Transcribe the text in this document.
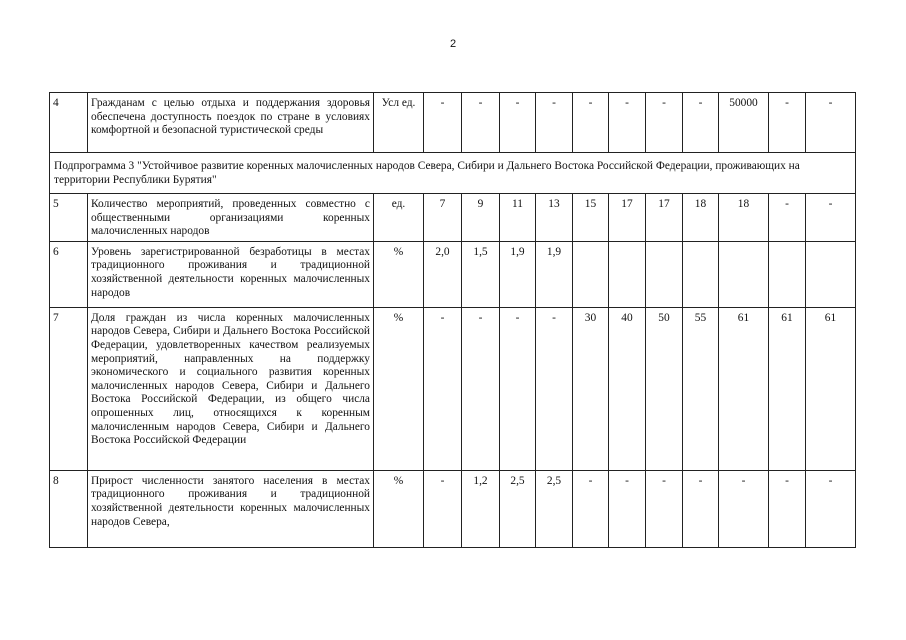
2
4	Гражданам с целью отдыха и поддержания здоровья обеспечена доступность поездок по стране в условиях комфортной и безопасной туристической среды	Усл ед.	-	-	-	-	-	-	-	-	50000	-	-
Подпрограмма 3 "Устойчивое развитие коренных малочисленных народов Севера, Сибири и Дальнего Востока Российской Федерации, проживающих на территории Республики Бурятия"													
5	Количество мероприятий, проведенных совместно с общественными организациями коренных малочисленных народов	ед.	7	9	11	13	15	17	17	18	18	-	-
6	Уровень зарегистрированной безработицы в местах традиционного проживания и традиционной хозяйственной деятельности коренных малочисленных народов	%	2,0	1,5	1,9	1,9							
7	Доля граждан из числа коренных малочисленных народов Севера, Сибири и Дальнего Востока Российской Федерации, удовлетворенных качеством реализуемых мероприятий, направленных на поддержку экономического и социального развития коренных малочисленных народов Севера, Сибири и Дальнего Востока Российской Федерации, из общего числа опрошенных лиц, относящихся к коренным малочисленным народов Севера, Сибири и Дальнего Востока Российской Федерации	%	-	-	-	-	30	40	50	55	61	61	61
8	Прирост численности занятого населения в местах традиционного проживания и традиционной хозяйственной деятельности коренных малочисленных народов Севера,	%	-	1,2	2,5	2,5	-	-	-	-	-	-	-
